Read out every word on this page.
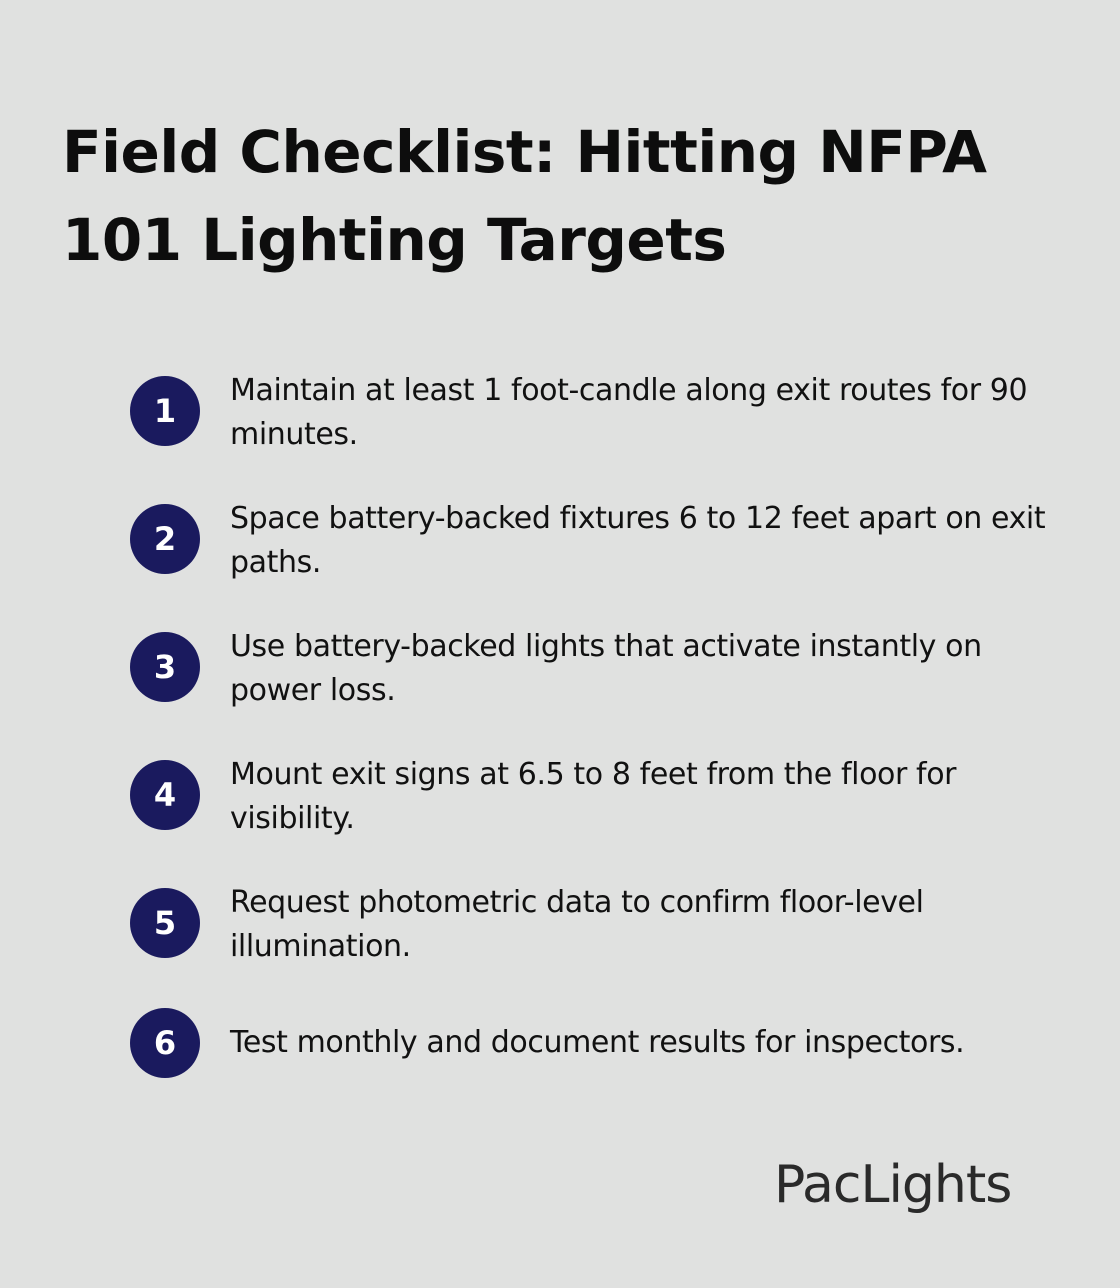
Field Checklist: Hitting NFPA 101 Lighting Targets
1
Maintain at least 1 foot-candle along exit routes for 90 minutes.
2
Space battery-backed fixtures 6 to 12 feet apart on exit paths.
3
Use battery-backed lights that activate instantly on power loss.
4
Mount exit signs at 6.5 to 8 feet from the floor for visibility.
5
Request photometric data to confirm floor-level illumination.
6	Test monthly and document results for inspectors.
PacLights
